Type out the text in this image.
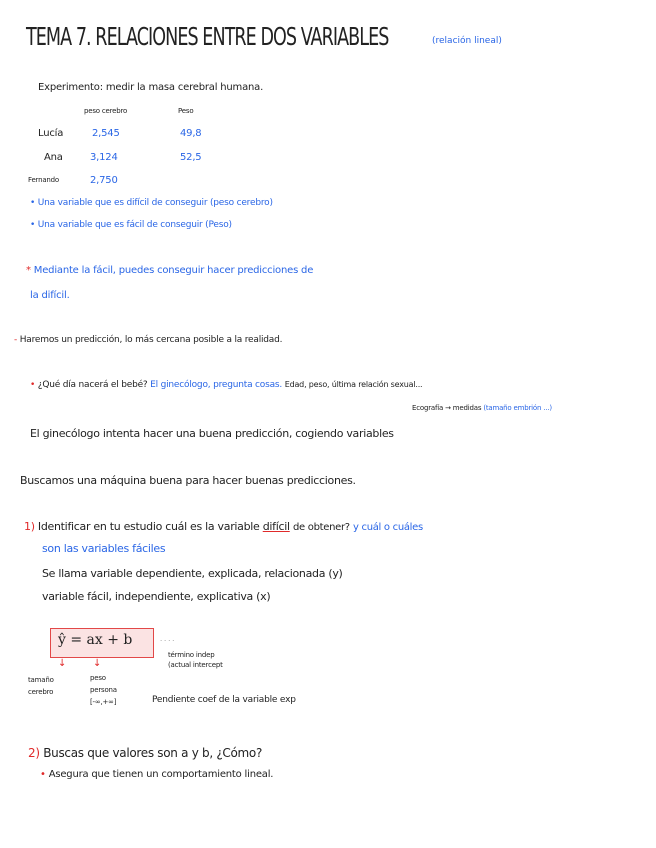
TEMA 7. RELACIONES ENTRE DOS VARIABLES	(relación lineal)
Experimento: medir la masa cerebral humana.
peso cerebro	Peso
Lucía	2,545	49,8
Ana	3,124	52,5
Fernando	2,750
• Una variable que es difícil de conseguir (peso cerebro)
• Una variable que es fácil de conseguir (Peso)
* Mediante la fácil, puedes conseguir hacer predicciones de
la difícil.
- Haremos un predicción, lo más cercana posible a la realidad.
• ¿Qué día nacerá el bebé? El ginecólogo, pregunta cosas. Edad, peso, última relación sexual...
Ecografía → medidas (tamaño embrión ...)
El ginecólogo intenta hacer una buena predicción, cogiendo variables
Buscamos una máquina buena para hacer buenas predicciones.
1) Identificar en tu estudio cuál es la variable difícil de obtener? y cuál o cuáles
son las variables fáciles
Se llama variable dependiente, explicada, relacionada (y)
variable fácil, independiente, explicativa (x)
ŷ = ax + b	· · · ·
término indep
(actual intercept
↓	↓
tamaño
cerebro
peso
persona
[-∞,+∞]	Pendiente coef de la variable exp
2) Buscas que valores son a y b, ¿Cómo?
• Asegura que tienen un comportamiento lineal.
